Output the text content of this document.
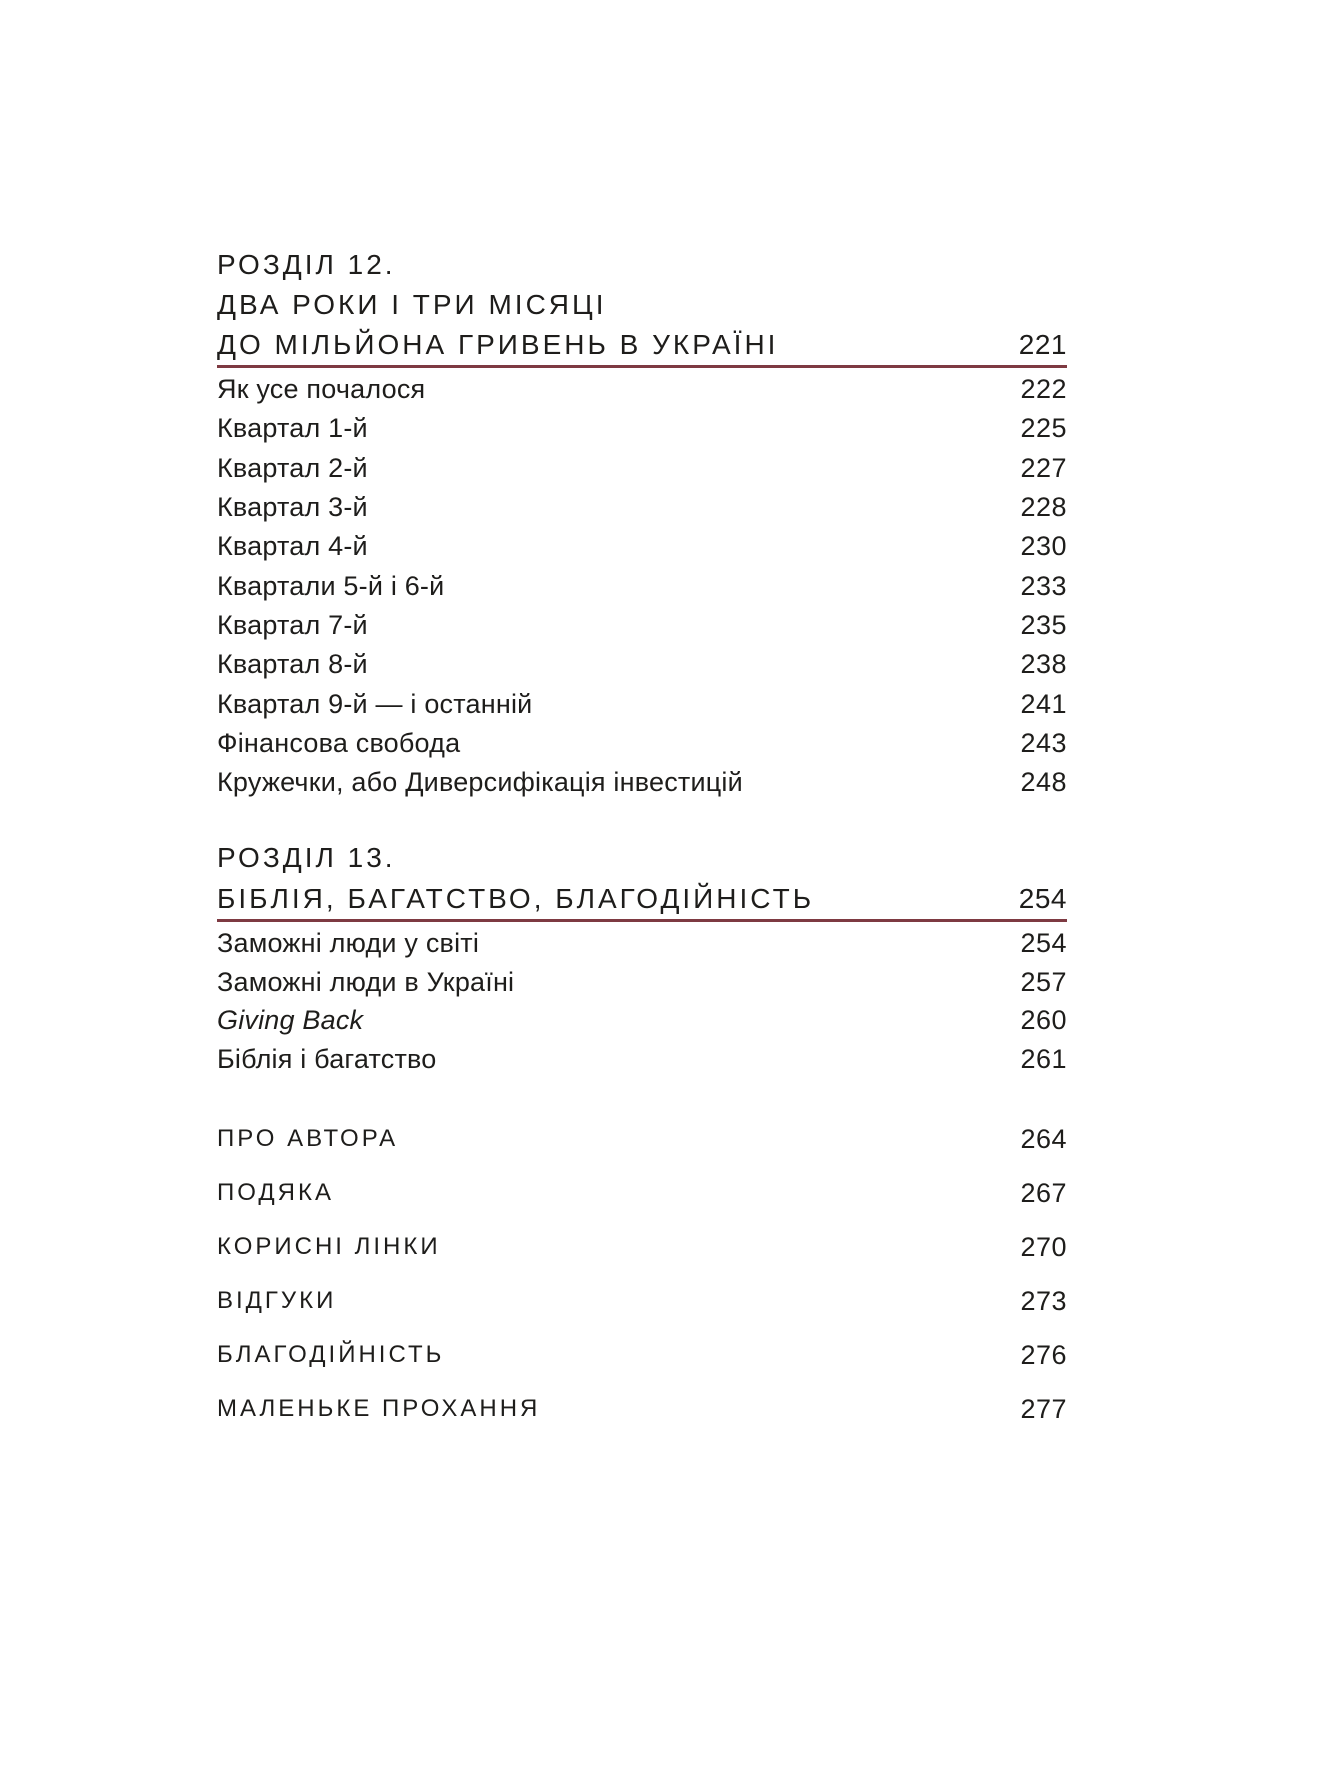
РОЗДІЛ 12.
ДВА РОКИ І ТРИ МІСЯЦІ
ДО МІЛЬЙОНА ГРИВЕНЬ В УКРАЇНІ	221
Як усе почалося	222
Квартал 1-й	225
Квартал 2-й	227
Квартал 3-й	228
Квартал 4-й	230
Квартали 5-й і 6-й	233
Квартал 7-й	235
Квартал 8-й	238
Квартал 9-й — і останній	241
Фінансова свобода	243
Кружечки, або Диверсифікація інвестицій	248
РОЗДІЛ 13.
БІБЛІЯ, БАГАТСТВО, БЛАГОДІЙНІСТЬ	254
Заможні люди у світі	254
Заможні люди в Україні	257
Giving Back	260
Біблія і багатство	261
ПРО АВТОРА	264
ПОДЯКА	267
КОРИСНІ ЛІНКИ	270
ВІДГУКИ	273
БЛАГОДІЙНІСТЬ	276
МАЛЕНЬКЕ ПРОХАННЯ	277
